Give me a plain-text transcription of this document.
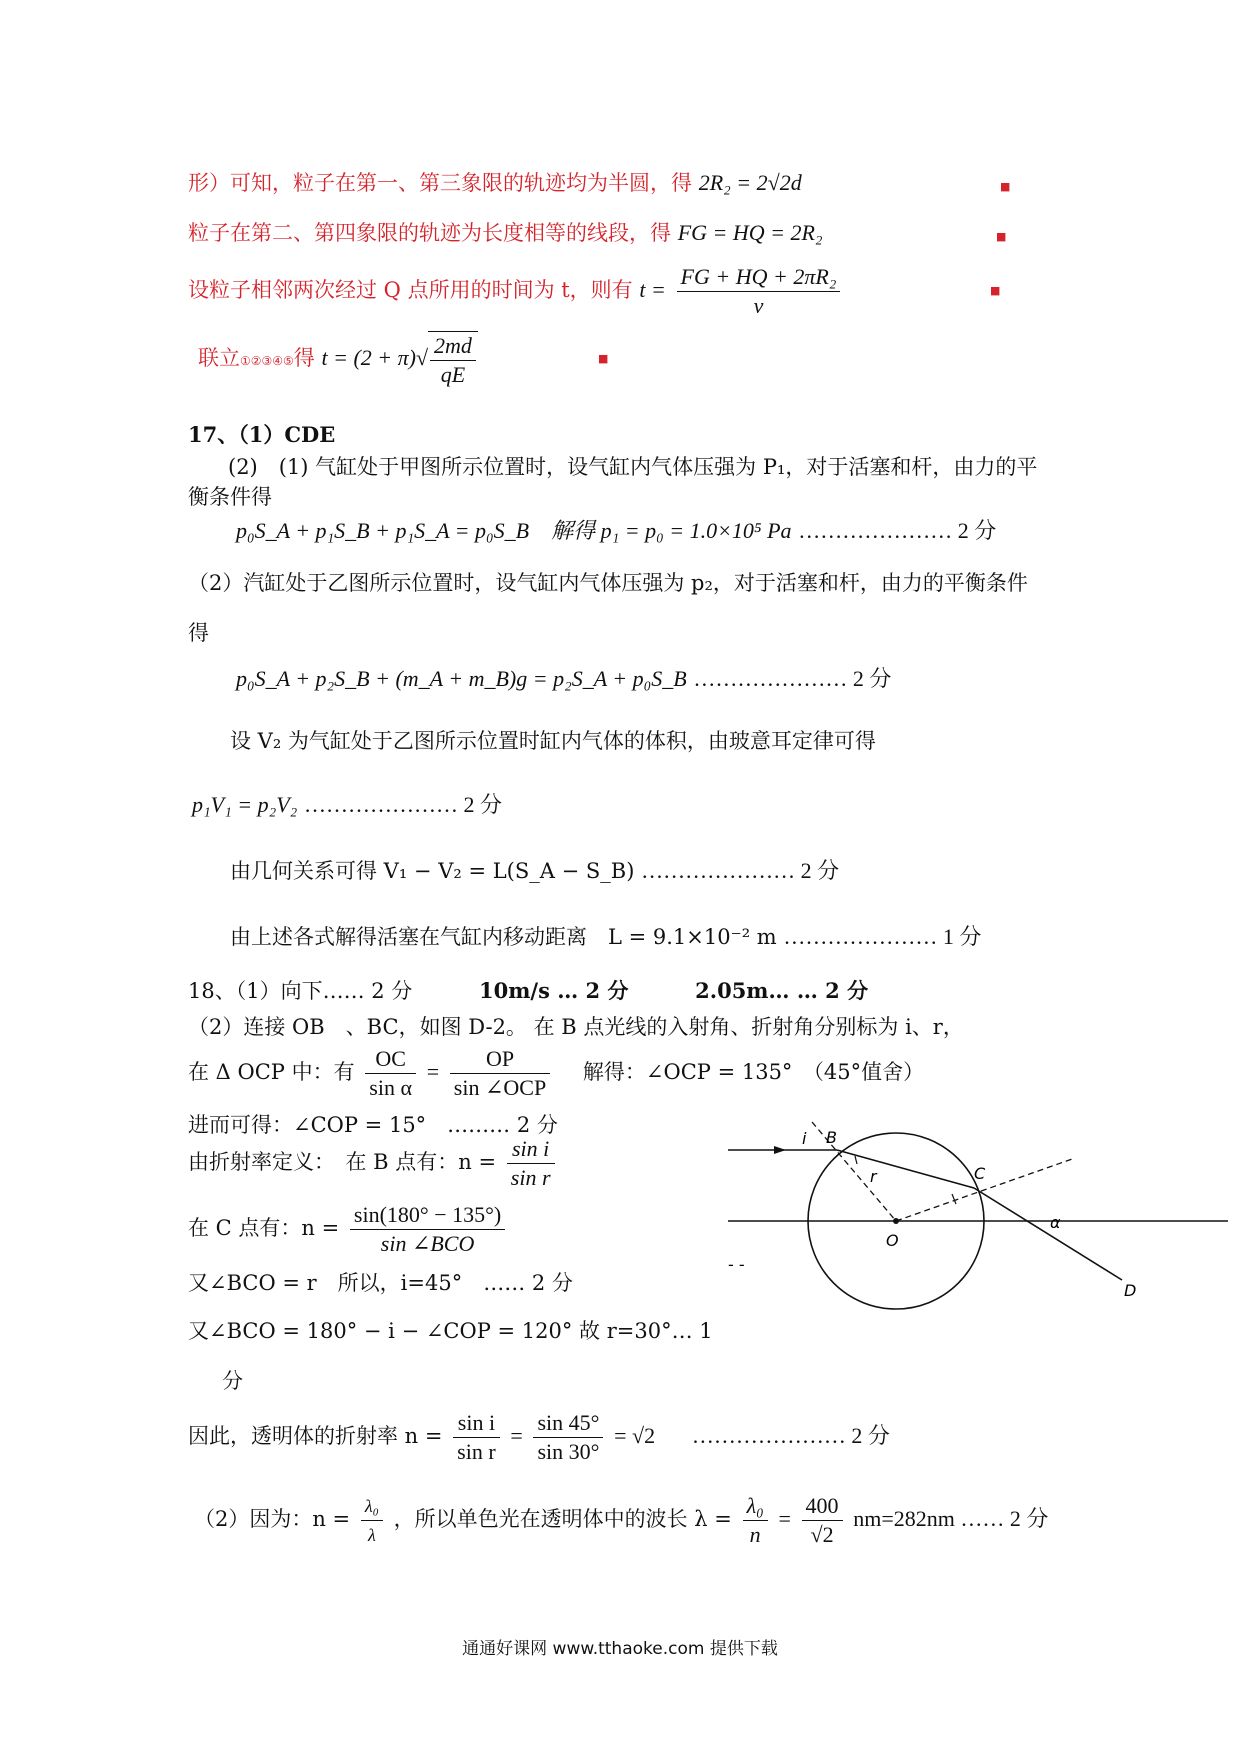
形）可知，粒子在第一、第三象限的轨迹均为半圆，得 2R₂ = 2√2d	■
粒子在第二、第四象限的轨迹为长度相等的线段，得 FG = HQ = 2R₂	■
设粒子相邻两次经过 Q 点所用的时间为 t，则有 $t = \frac{\text{FG + HQ + 2πR₂}}{v}$	■
联立①②③④⑤得 $t = (2 + \pi)√ \frac{2md}{qE}$	■
17、（1）CDE
(2)　(1) 气缸处于甲图所示位置时，设气缸内气体压强为 P₁，对于活塞和杆，由力的平
衡条件得
p₀S_A + p₁S_B + p₁S_A = p₀S_B　解得 p₁ = p₀ = 1.0×10⁵ Pa ………………… 2 分
（2）汽缸处于乙图所示位置时，设气缸内气体压强为 p₂，对于活塞和杆，由力的平衡条件
得
p₀S_A + p₂S_B + (m_A + m_B)g = p₂S_A + p₀S_B ………………… 2 分
设 V₂ 为气缸处于乙图所示位置时缸内气体的体积，由玻意耳定律可得
p₁V₁ = p₂V₂ ………………… 2 分
由几何关系可得 V₁ − V₂ = L(S_A − S_B) ………………… 2 分
由上述各式解得活塞在气缸内移动距离　L = 9.1×10⁻² m ………………… 1 分
18、（1）向下…… 2 分	10m/s … 2 分	2.05m… … 2 分
（2）连接 OB　、BC，如图 D-2。 在 B 点光线的入射角、折射角分别标为 i、r，
在 Δ OCP 中：有 $\frac{OC}{\text{sin α}} = \frac{OP}{\text{sin ∠OCP}}$ 解得：∠OCP = 135°　（45°值舍）
进而可得：∠COP = 15°　……… 2 分
由折射率定义：　在 B 点有：$n = \frac{\text{sin i}}{\text{sin r}}$
在 C 点有：$n = \frac{\sin(180^\circ - 135^\circ)}{\text{sin ∠BCO}}$
又∠BCO = r　所以，i=45°　…… 2 分
又∠BCO = 180° − i − ∠COP = 120° 故 r=30°… 1
分
因此，透明体的折射率 $n = \frac{\text{sin i}}{\text{sin r}} = \frac{\sin 45^\circ}{\sin 30^\circ} = √2$ ………………… 2 分
（2）因为：$n = \frac{\text{λ₀}}{\lambda}$ ，所以单色光在透明体中的波长 $\lambda = \frac{\text{λ₀}}{n} = \frac{400}{√2} nm=282nm$ …… 2 分
i B
r	C
O
α
D
- -
通通好课网 www.tthaoke.com 提供下载
